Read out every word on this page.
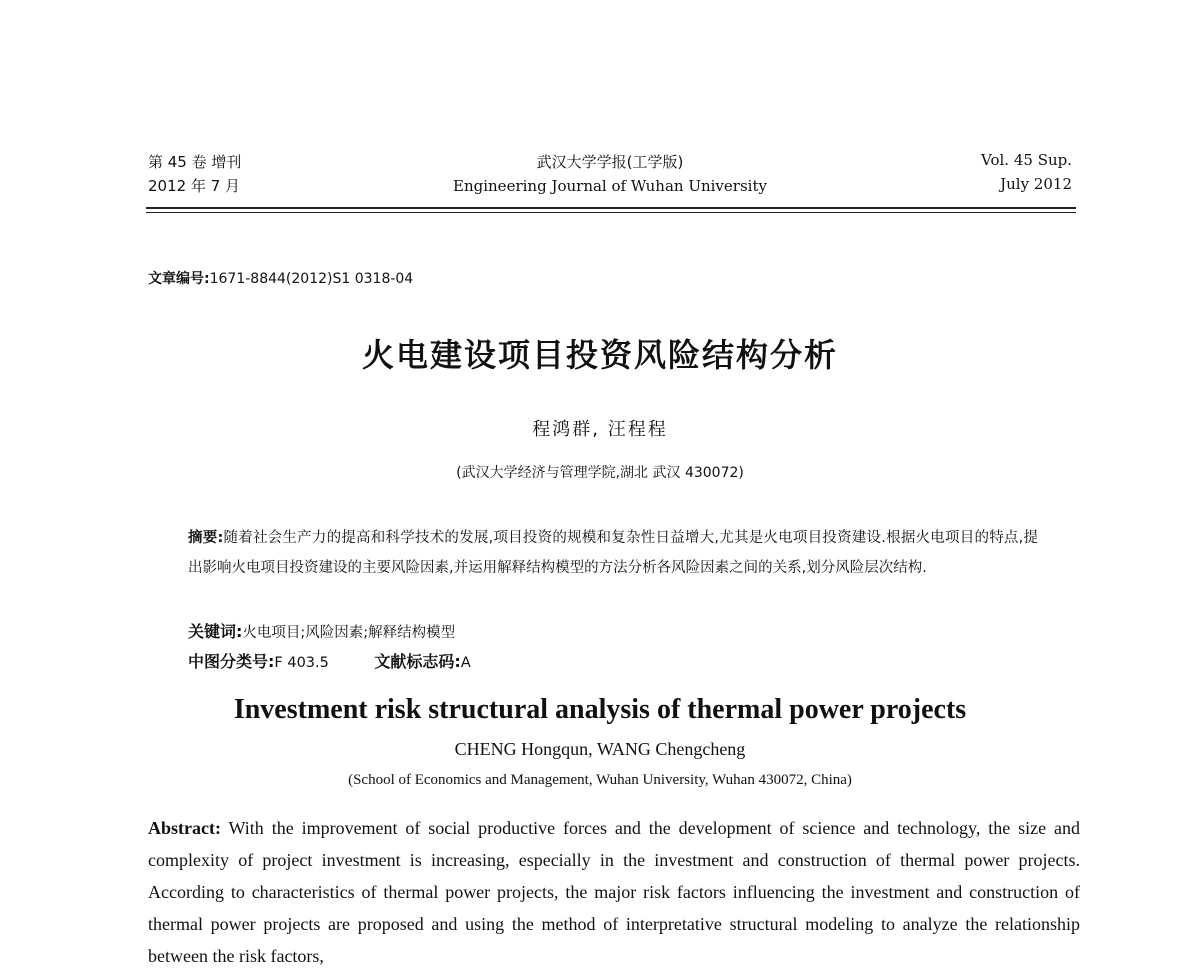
第 45 卷 增刊
2012 年 7 月
武汉大学学报(工学版)
Engineering Journal of Wuhan University
Vol. 45 Sup.
July 2012
文章编号:1671-8844(2012)S1 0318-04
火电建设项目投资风险结构分析
程鸿群, 汪程程
(武汉大学经济与管理学院,湖北 武汉 430072)
摘要:随着社会生产力的提高和科学技术的发展,项目投资的规模和复杂性日益增大,尤其是火电项目投资建设.根据火电项目的特点,提出影响火电项目投资建设的主要风险因素,并运用解释结构模型的方法分析各风险因素之间的关系,划分风险层次结构.
关键词:火电项目;风险因素;解释结构模型
中图分类号:F 403.5	文献标志码:A
Investment risk structural analysis of thermal power projects
CHENG Hongqun, WANG Chengcheng
(School of Economics and Management, Wuhan University, Wuhan 430072, China)
Abstract: With the improvement of social productive forces and the development of science and technology, the size and complexity of project investment is increasing, especially in the investment and construction of thermal power projects. According to characteristics of thermal power projects, the major risk factors influencing the investment and construction of thermal power projects are proposed and using the method of interpretative structural modeling to analyze the relationship between the risk factors,
